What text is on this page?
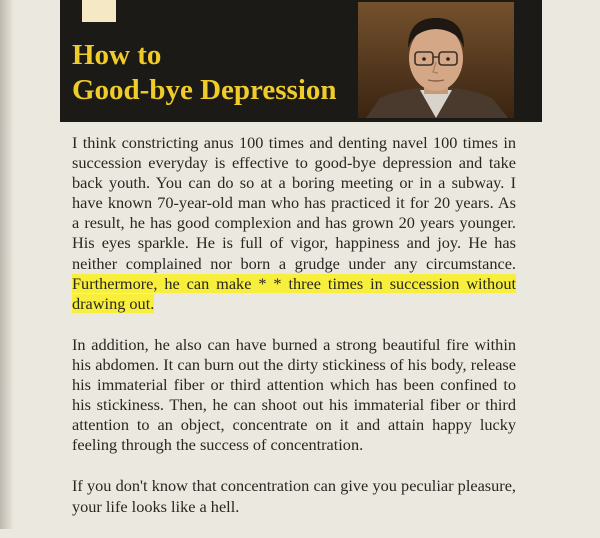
How to
Good-bye Depression

I think constricting anus 100 times and denting navel 100 times in succession everyday is effective to good-bye depression and take back youth. You can do so at a boring meeting or in a subway. I have known 70-year-old man who has practiced it for 20 years. As a result, he has good complexion and has grown 20 years younger. His eyes sparkle. He is full of vigor, happiness and joy. He has neither complained nor born a grudge under any circumstance. Furthermore, he can make * * three times in succession without drawing out.

In addition, he also can have burned a strong beautiful fire within his abdomen. It can burn out the dirty stickiness of his body, release his immaterial fiber or third attention which has been confined to his stickiness. Then, he can shoot out his immaterial fiber or third attention to an object, concentrate on it and attain happy lucky feeling through the success of concentration.

If you don't know that concentration can give you peculiar pleasure, your life looks like a hell.
